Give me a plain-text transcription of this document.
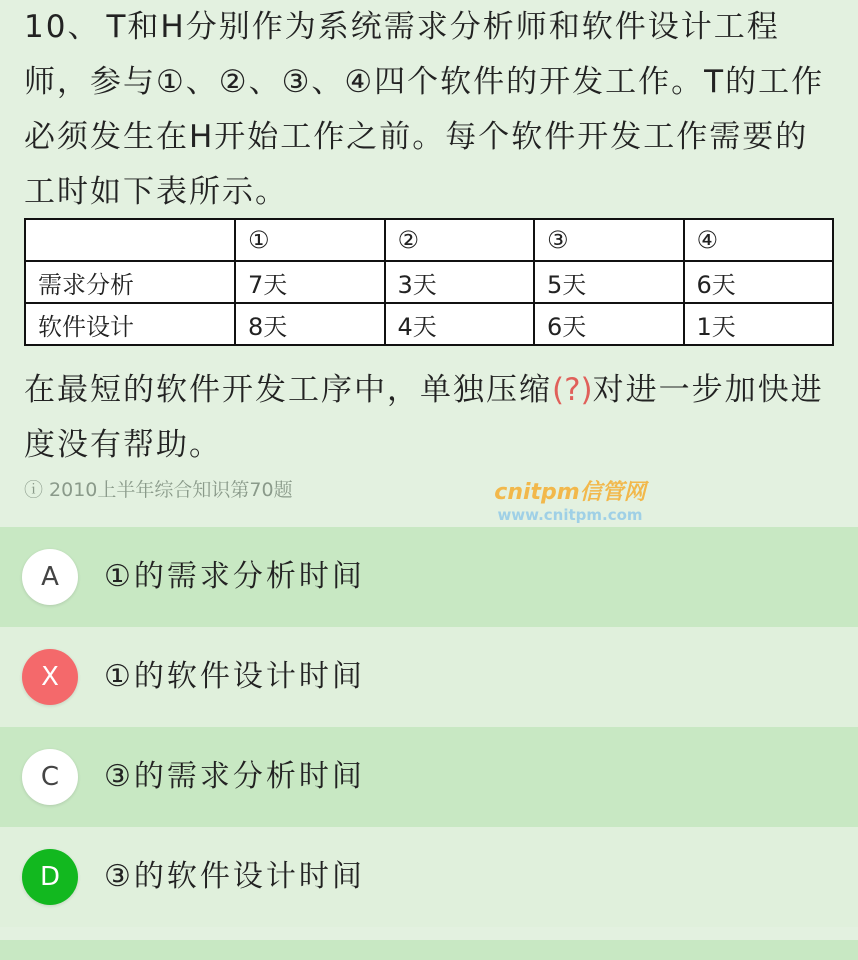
10、 T和H分别作为系统需求分析师和软件设计工程师，参与①、②、③、④四个软件的开发工作。T的工作必须发生在H开始工作之前。每个软件开发工作需要的工时如下表所示。
	①	②	③	④
需求分析	7天	3天	5天	6天
软件设计	8天	4天	6天	1天
在最短的软件开发工序中，单独压缩(?)对进一步加快进度没有帮助。
ⓘ 2010上半年综合知识第70题	cnitpm信管网
www.cnitpm.com
A	①的需求分析时间
X	①的软件设计时间
C	③的需求分析时间
D	③的软件设计时间
